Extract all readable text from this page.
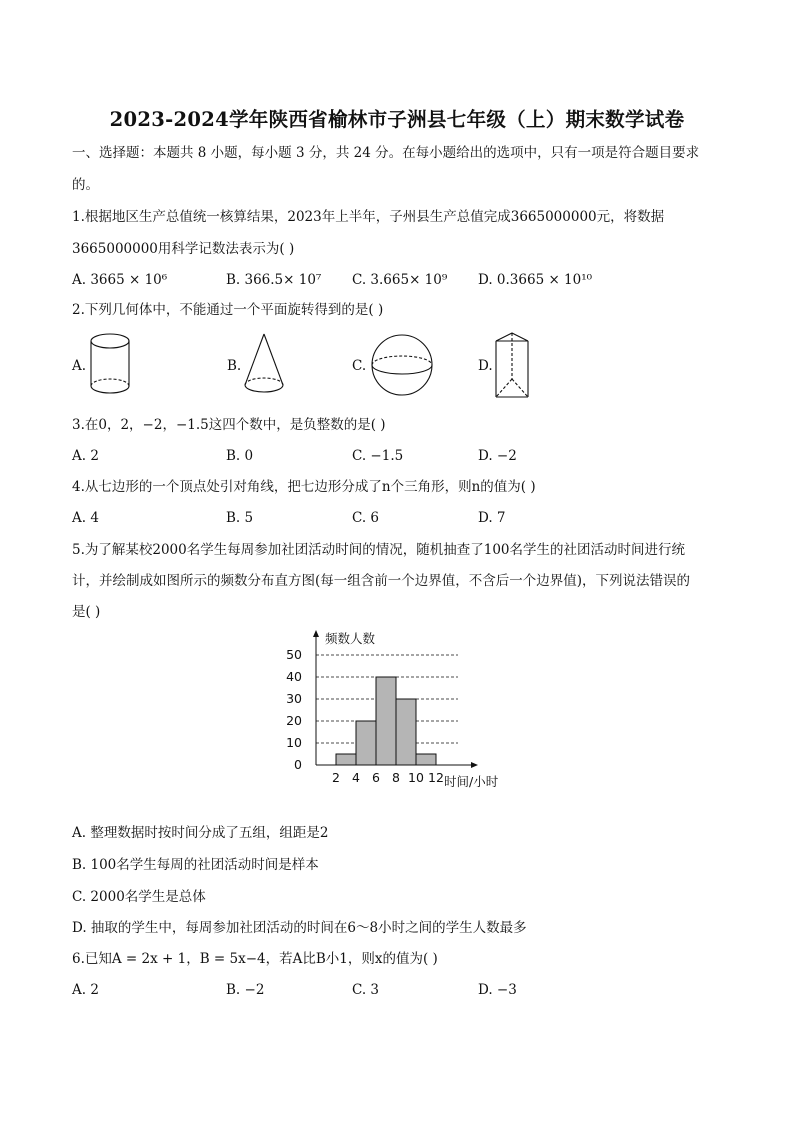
2023-2024学年陕西省榆林市子洲县七年级（上）期末数学试卷
一、选择题：本题共 8 小题，每小题 3 分，共 24 分。在每小题给出的选项中，只有一项是符合题目要求
的。
1.根据地区生产总值统一核算结果，2023年上半年，子州县生产总值完成3665000000元，将数据
3665000000用科学记数法表示为( )
A. 3665 × 10⁶	B. 366.5× 10⁷ C. 3.665× 10⁹ D. 0.3665 × 10¹⁰
2.下列几何体中，不能通过一个平面旋转得到的是( )
A.	B.	C.	D.
3.在0，2，−2，−1.5这四个数中，是负整数的是( )
A. 2	B. 0	C. −1.5	D. −2
4.从七边形的一个顶点处引对角线，把七边形分成了n个三角形，则n的值为( )
A. 4	B. 5	C. 6	D. 7
5.为了解某校2000名学生每周参加社团活动时间的情况，随机抽查了100名学生的社团活动时间进行统
计，并绘制成如图所示的频数分布直方图(每一组含前一个边界值，不含后一个边界值)，下列说法错误的
是( )
0
10
20
30
40
50
2 4 6 8 10 12
频数人数
时间/小时
A. 整理数据时按时间分成了五组，组距是2
B. 100名学生每周的社团活动时间是样本
C. 2000名学生是总体
D. 抽取的学生中，每周参加社团活动的时间在6～8小时之间的学生人数最多
6.已知A = 2x + 1，B = 5x−4，若A比B小1，则x的值为( )
A. 2	B. −2	C. 3	D. −3
